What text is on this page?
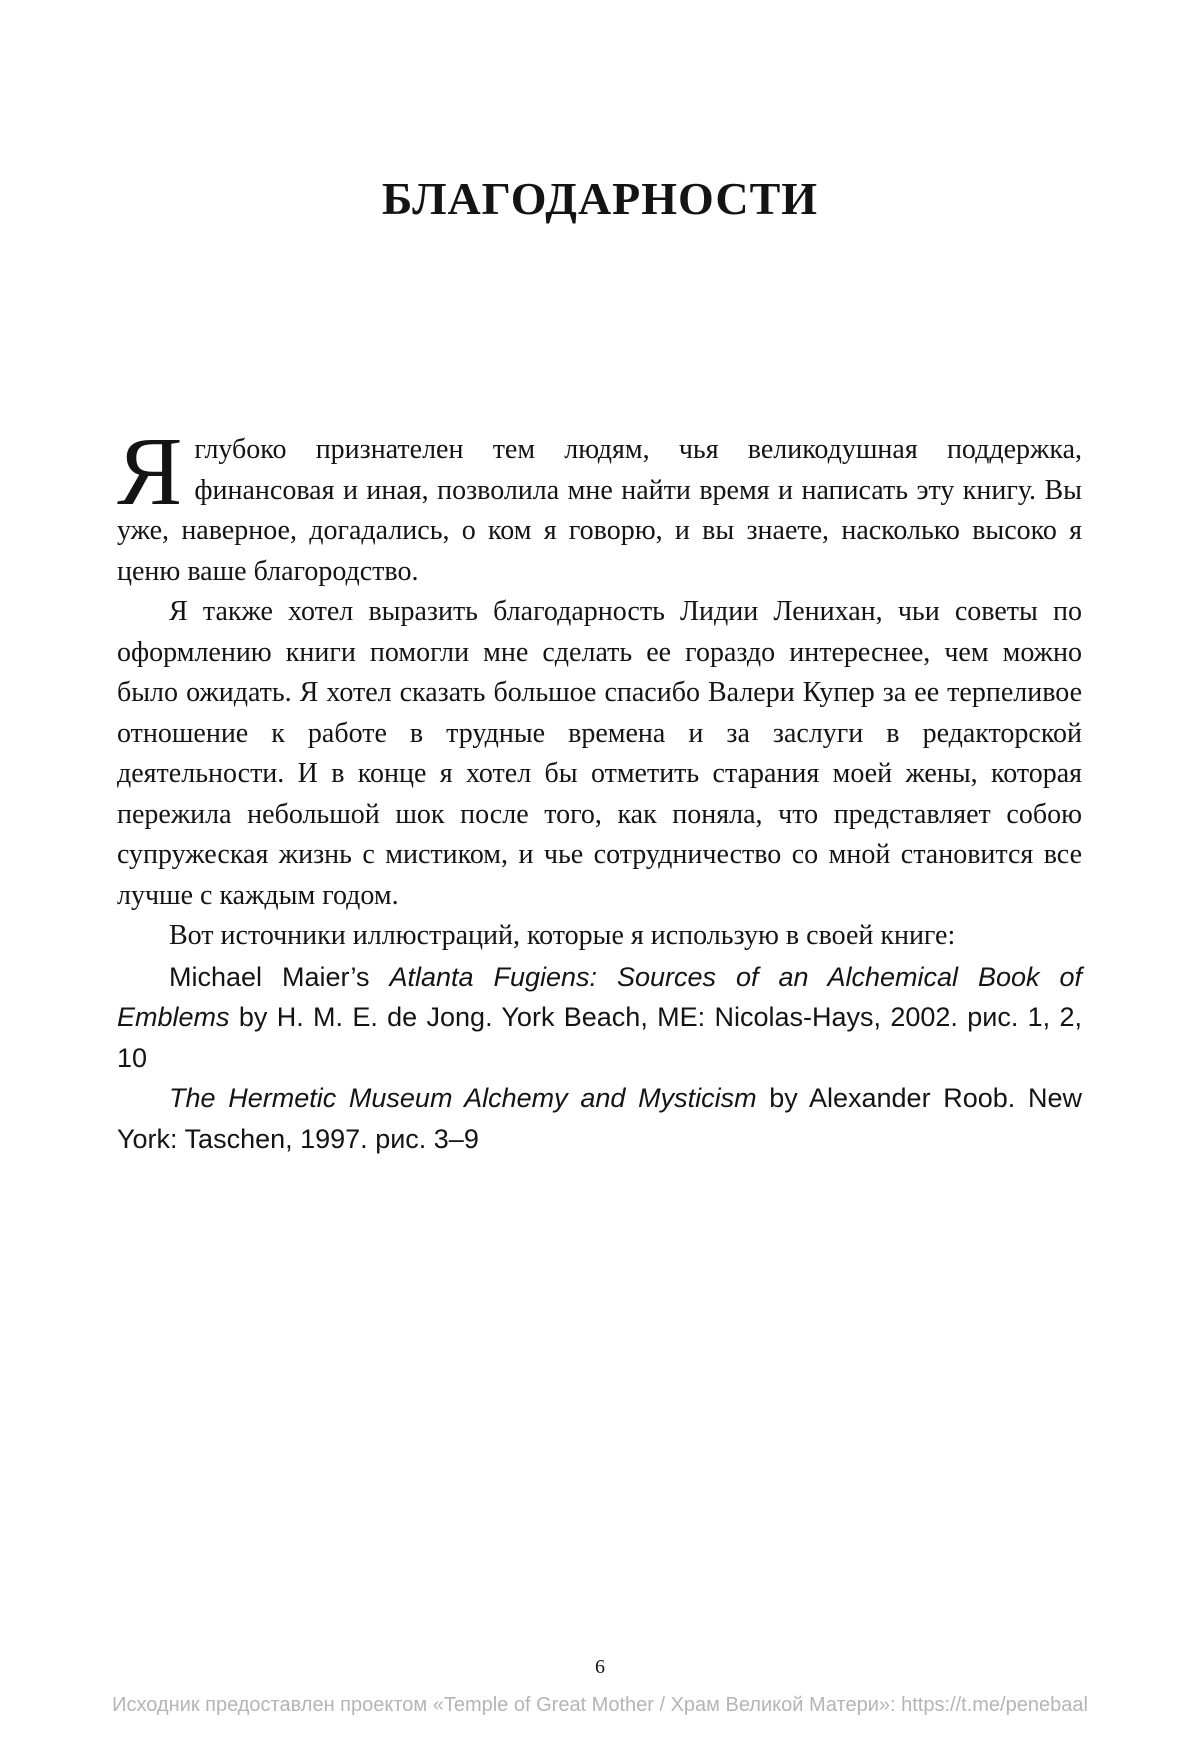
БЛАГОДАРНОСТИ

Я глубоко признателен тем людям, чья великодушная поддержка, финансовая и иная, позволила мне найти время и написать эту книгу. Вы уже, наверное, догадались, о ком я говорю, и вы знаете, насколько высоко я ценю ваше благородство.

Я также хотел выразить благодарность Лидии Ленихан, чьи советы по оформлению книги помогли мне сделать ее гораздо интереснее, чем можно было ожидать. Я хотел сказать большое спасибо Валери Купер за ее терпеливое отношение к работе в трудные времена и за заслуги в редакторской деятельности. И в конце я хотел бы отметить старания моей жены, которая пережила небольшой шок после того, как поняла, что представляет собою супружеская жизнь с мистиком, и чье сотрудничество со мной становится все лучше с каждым годом.

Вот источники иллюстраций, которые я использую в своей книге:

Michael Maier’s Atlanta Fugiens: Sources of an Alchemical Book of Emblems by H. M. E. de Jong. York Beach, ME: Nicolas-Hays, 2002. рис. 1, 2, 10

The Hermetic Museum Alchemy and Mysticism by Alexander Roob. New York: Taschen, 1997. рис. 3–9

6
Исходник предоставлен проектом «Temple of Great Mother / Храм Великой Матери»: https://t.me/penebaal
